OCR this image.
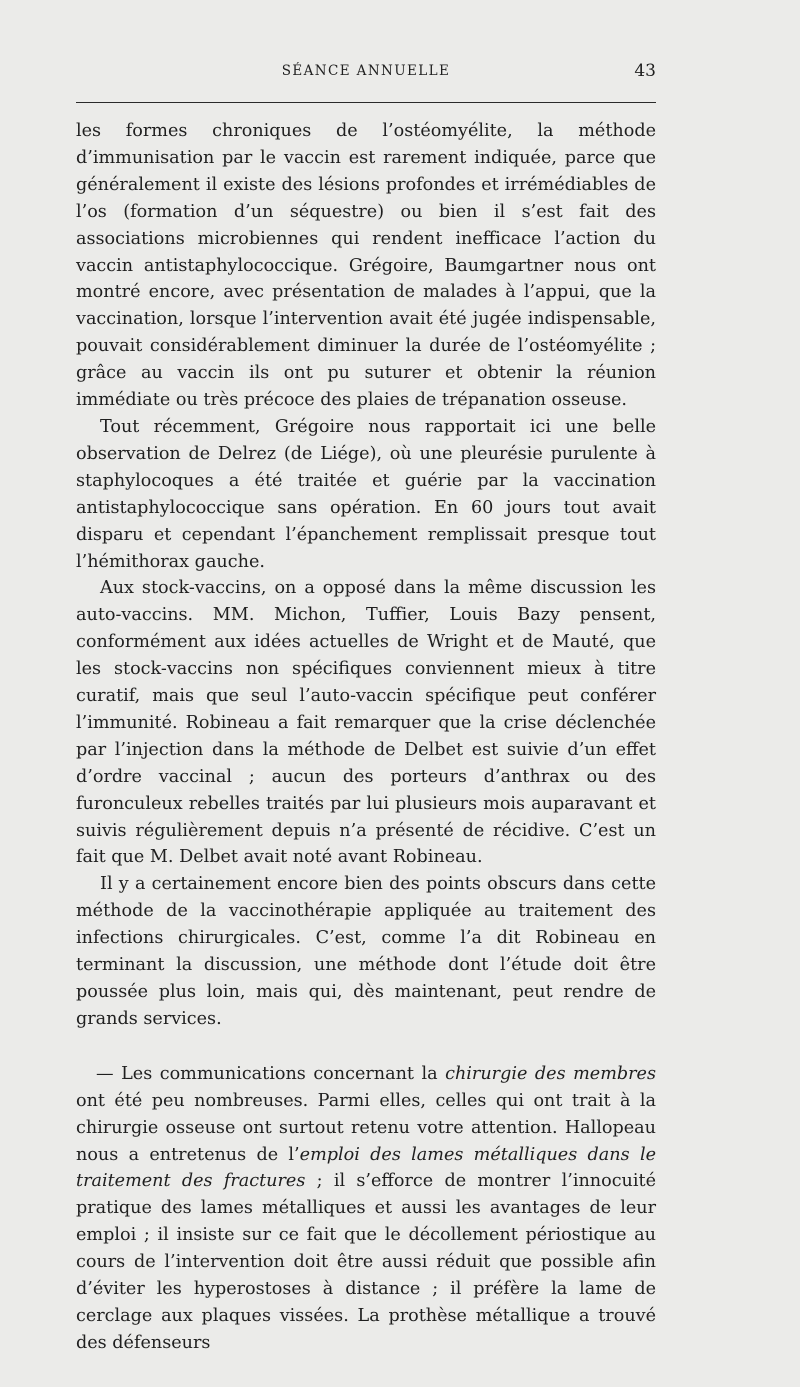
SÉANCE ANNUELLE	43

les formes chroniques de l’ostéomyélite, la méthode d’immunisation par le vaccin est rarement indiquée, parce que généralement il existe des lésions profondes et irrémédiables de l’os (formation d’un séquestre) ou bien il s’est fait des associations microbiennes qui rendent inefficace l’action du vaccin antistaphylococcique. Grégoire, Baumgartner nous ont montré encore, avec présentation de malades à l’appui, que la vaccination, lorsque l’intervention avait été jugée indispensable, pouvait considérablement diminuer la durée de l’ostéomyélite ; grâce au vaccin ils ont pu suturer et obtenir la réunion immédiate ou très précoce des plaies de trépanation osseuse.

Tout récemment, Grégoire nous rapportait ici une belle observation de Delrez (de Liége), où une pleurésie purulente à staphylocoques a été traitée et guérie par la vaccination antistaphylococcique sans opération. En 60 jours tout avait disparu et cependant l’épanchement remplissait presque tout l’hémithorax gauche.

Aux stock-vaccins, on a opposé dans la même discussion les auto-vaccins. MM. Michon, Tuffier, Louis Bazy pensent, conformément aux idées actuelles de Wright et de Mauté, que les stock-vaccins non spécifiques conviennent mieux à titre curatif, mais que seul l’auto-vaccin spécifique peut conférer l’immunité. Robineau a fait remarquer que la crise déclenchée par l’injection dans la méthode de Delbet est suivie d’un effet d’ordre vaccinal ; aucun des porteurs d’anthrax ou des furonculeux rebelles traités par lui plusieurs mois auparavant et suivis régulièrement depuis n’a présenté de récidive. C’est un fait que M. Delbet avait noté avant Robineau.

Il y a certainement encore bien des points obscurs dans cette méthode de la vaccinothérapie appliquée au traitement des infections chirurgicales. C’est, comme l’a dit Robineau en terminant la discussion, une méthode dont l’étude doit être poussée plus loin, mais qui, dès maintenant, peut rendre de grands services.

— Les communications concernant la chirurgie des membres ont été peu nombreuses. Parmi elles, celles qui ont trait à la chirurgie osseuse ont surtout retenu votre attention. Hallopeau nous a entretenus de l’emploi des lames métalliques dans le traitement des fractures ; il s’efforce de montrer l’innocuité pratique des lames métalliques et aussi les avantages de leur emploi ; il insiste sur ce fait que le décollement périostique au cours de l’intervention doit être aussi réduit que possible afin d’éviter les hyperostoses à distance ; il préfère la lame de cerclage aux plaques vissées. La prothèse métallique a trouvé des défenseurs
